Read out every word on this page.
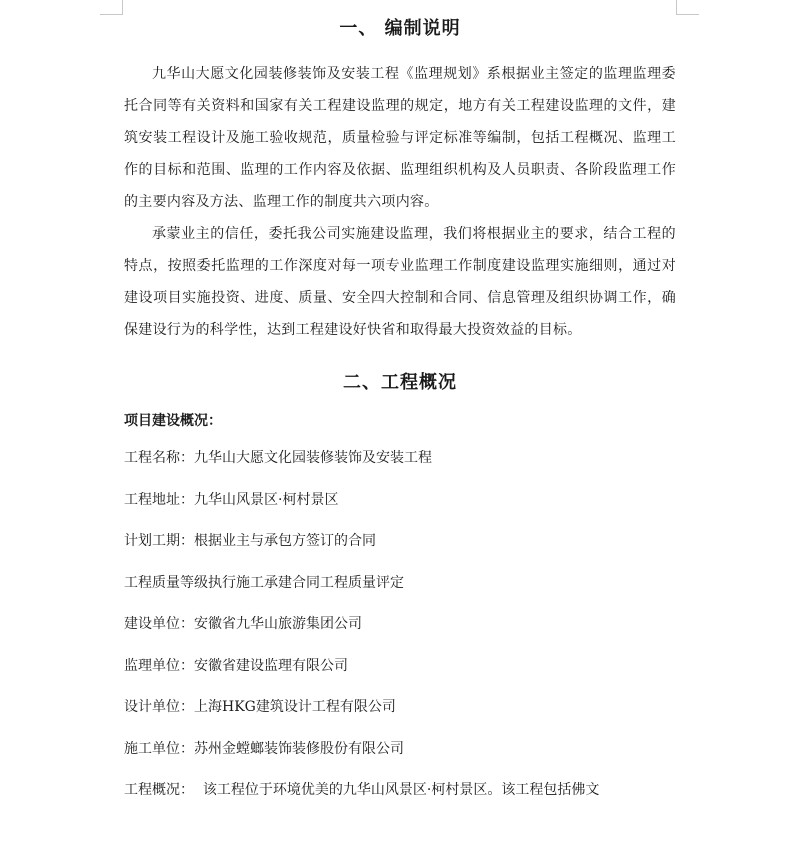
一、 编制说明

九华山大愿文化园装修装饰及安装工程《监理规划》系根据业主签定的监理监理委托合同等有关资料和国家有关工程建设监理的规定，地方有关工程建设监理的文件，建筑安装工程设计及施工验收规范，质量检验与评定标准等编制，包括工程概况、监理工作的目标和范围、监理的工作内容及依据、监理组织机构及人员职责、各阶段监理工作的主要内容及方法、监理工作的制度共六项内容。

承蒙业主的信任，委托我公司实施建设监理，我们将根据业主的要求，结合工程的特点，按照委托监理的工作深度对每一项专业监理工作制度建设监理实施细则，通过对建设项目实施投资、进度、质量、安全四大控制和合同、信息管理及组织协调工作，确保建设行为的科学性，达到工程建设好快省和取得最大投资效益的目标。

二、工程概况

项目建设概况：

工程名称：九华山大愿文化园装修装饰及安装工程
工程地址：九华山风景区·柯村景区
计划工期：根据业主与承包方签订的合同
工程质量等级执行施工承建合同工程质量评定
建设单位：安徽省九华山旅游集团公司
监理单位：安徽省建设监理有限公司
设计单位：上海HKG建筑设计工程有限公司
施工单位：苏州金螳螂装饰装修股份有限公司
工程概况：  该工程位于环境优美的九华山风景区·柯村景区。该工程包括佛文
